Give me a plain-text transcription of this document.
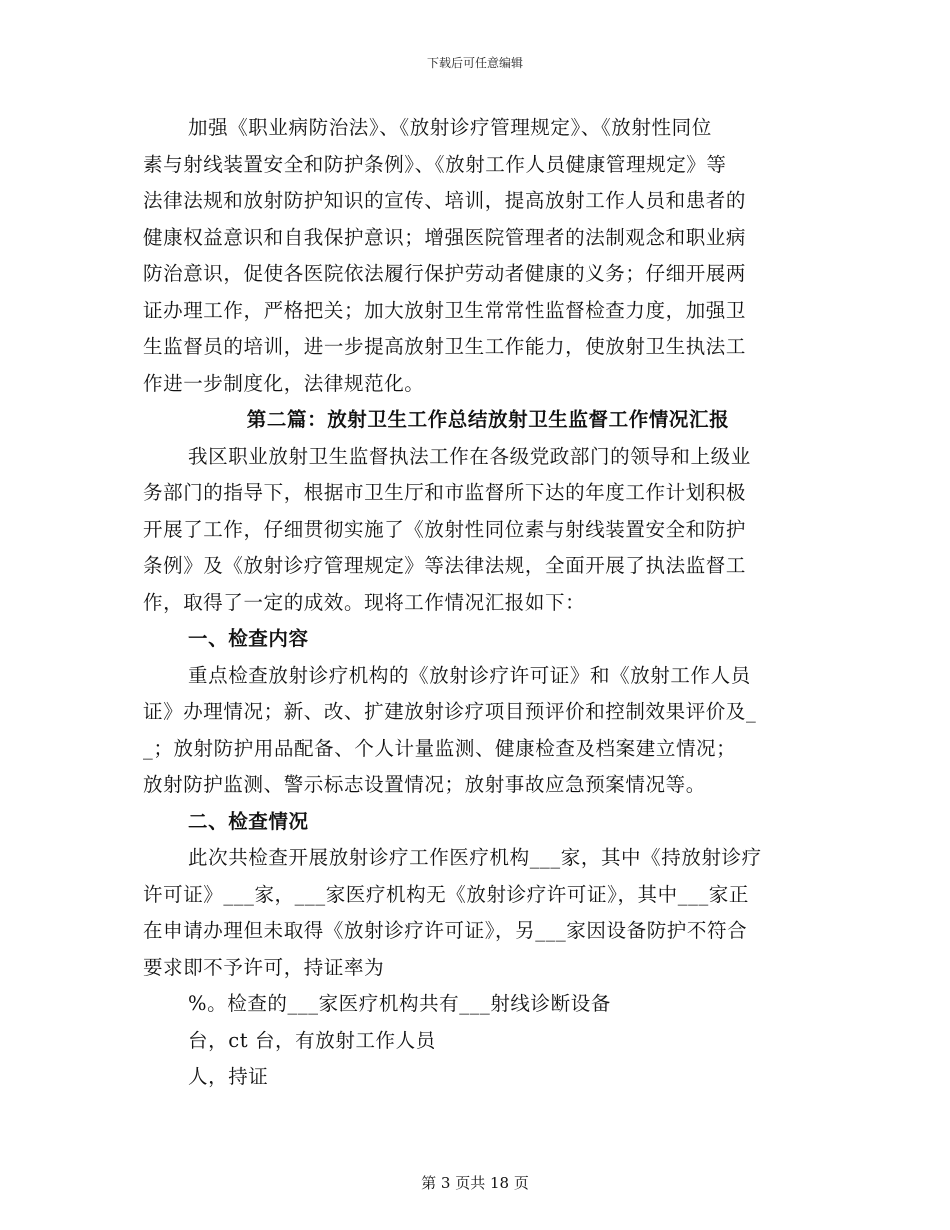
下载后可任意编辑
加强《职业病防治法》、《放射诊疗管理规定》、《放射性同位
素与射线装置安全和防护条例》、《放射工作人员健康管理规定》等
法律法规和放射防护知识的宣传、培训，提高放射工作人员和患者的
健康权益意识和自我保护意识；增强医院管理者的法制观念和职业病
防治意识，促使各医院依法履行保护劳动者健康的义务；仔细开展两
证办理工作，严格把关；加大放射卫生常常性监督检查力度，加强卫
生监督员的培训，进一步提高放射卫生工作能力，使放射卫生执法工
作进一步制度化，法律规范化。
第二篇：放射卫生工作总结放射卫生监督工作情况汇报
我区职业放射卫生监督执法工作在各级党政部门的领导和上级业
务部门的指导下，根据市卫生厅和市监督所下达的年度工作计划积极
开展了工作，仔细贯彻实施了《放射性同位素与射线装置安全和防护
条例》及《放射诊疗管理规定》等法律法规，全面开展了执法监督工
作，取得了一定的成效。现将工作情况汇报如下：
一、检查内容
重点检查放射诊疗机构的《放射诊疗许可证》和《放射工作人员
证》办理情况；新、改、扩建放射诊疗项目预评价和控制效果评价及_
_；放射防护用品配备、个人计量监测、健康检查及档案建立情况；
放射防护监测、警示标志设置情况；放射事故应急预案情况等。
二、检查情况
此次共检查开展放射诊疗工作医疗机构___家，其中《持放射诊疗
许可证》___家，___家医疗机构无《放射诊疗许可证》，其中___家正
在申请办理但未取得《放射诊疗许可证》，另___家因设备防护不符合
要求即不予许可，持证率为
%。检查的___家医疗机构共有___射线诊断设备
台，ct 台，有放射工作人员
人，持证
第 3 页共 18 页
